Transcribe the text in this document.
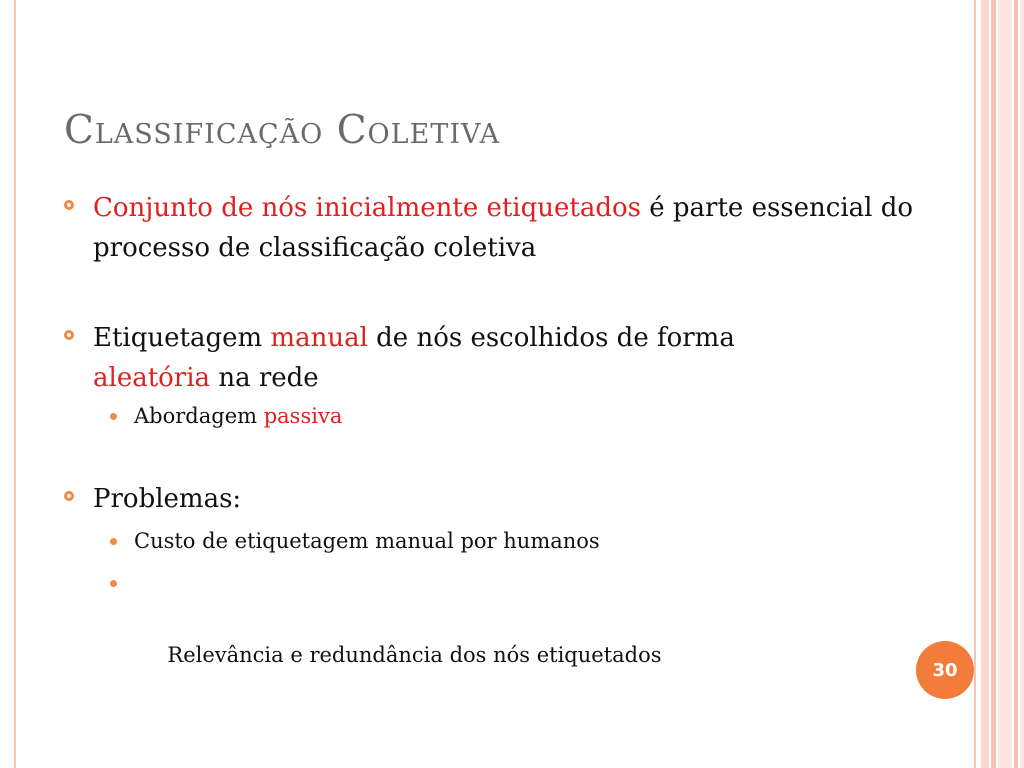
Classificação Coletiva
Conjunto de nós inicialmente etiquetados é parte essencial do processo de classificação coletiva
Etiquetagem manual de nós escolhidos de forma
aleatória na rede
Abordagem passiva
Problemas:
Custo de etiquetagem manual por humanos

Relevância e redundância dos nós etiquetados

30
